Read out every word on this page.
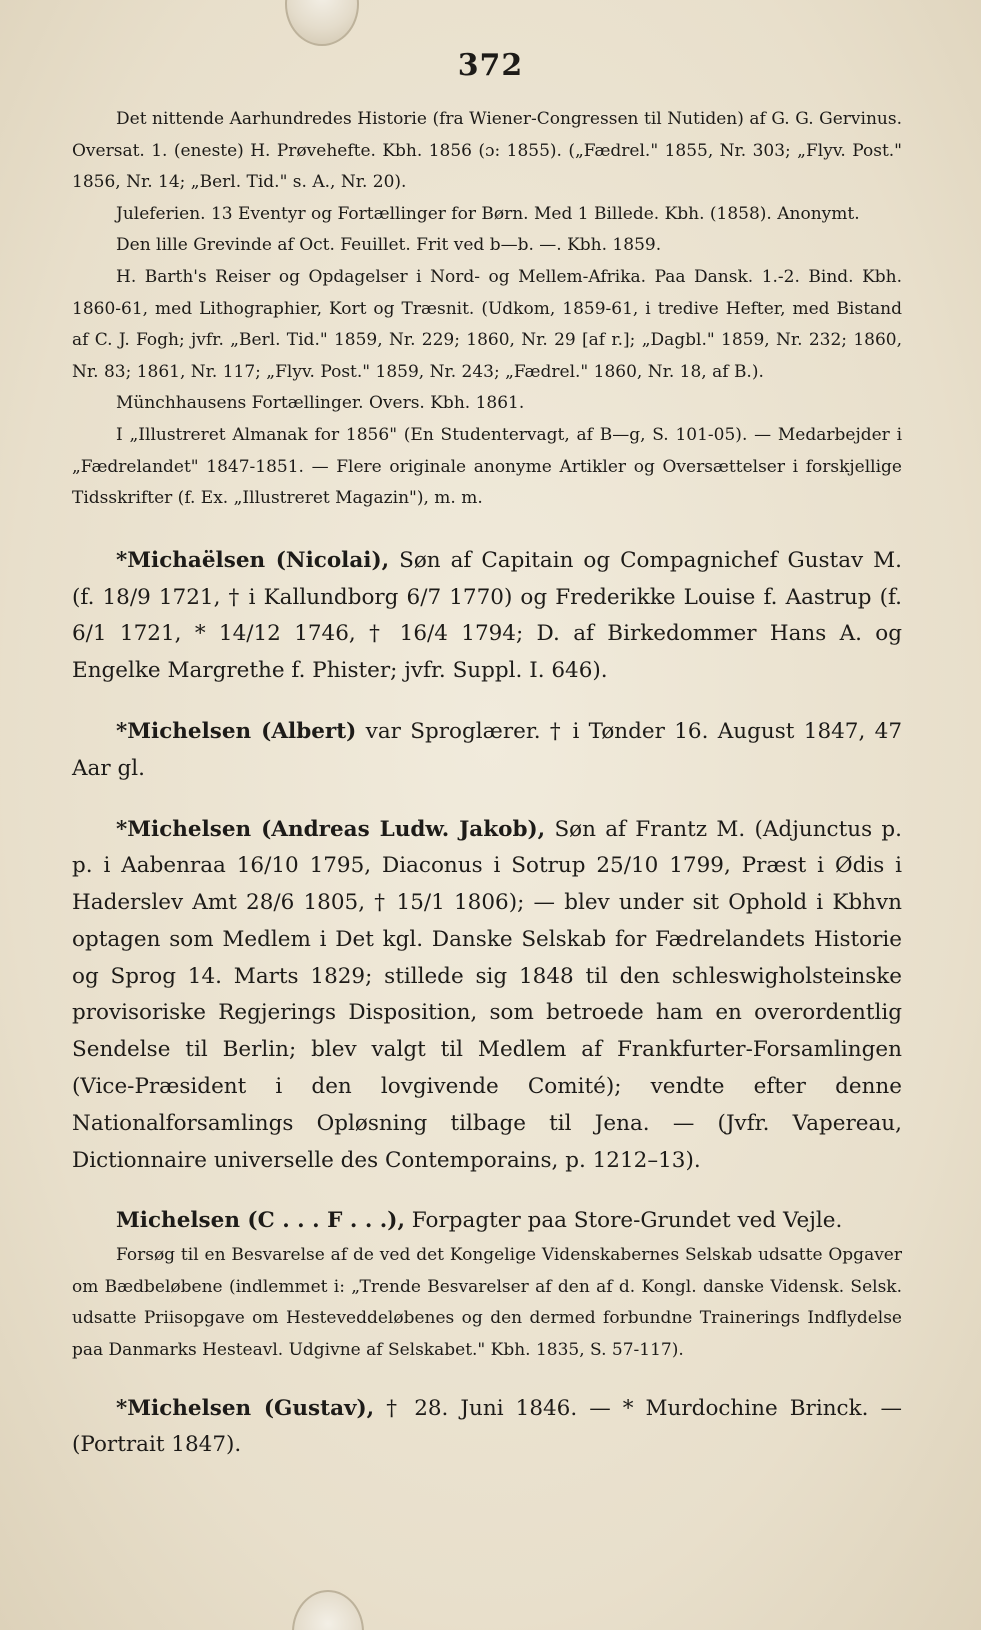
372

Det nittende Aarhundredes Historie (fra Wiener-Congressen til Nutiden) af G. G. Gervinus. Oversat. 1. (eneste) H. Prøvehefte. Kbh. 1856 (ɔ: 1855). („Fædrel." 1855, Nr. 303; „Flyv. Post." 1856, Nr. 14; „Berl. Tid." s. A., Nr. 20).

Juleferien. 13 Eventyr og Fortællinger for Børn. Med 1 Billede. Kbh. (1858). Anonymt.

Den lille Grevinde af Oct. Feuillet. Frit ved b—b. —. Kbh. 1859.

H. Barth's Reiser og Opdagelser i Nord- og Mellem-Afrika. Paa Dansk. 1.-2. Bind. Kbh. 1860-61, med Lithographier, Kort og Træsnit. (Udkom, 1859-61, i tredive Hefter, med Bistand af C. J. Fogh; jvfr. „Berl. Tid." 1859, Nr. 229; 1860, Nr. 29 [af r.]; „Dagbl." 1859, Nr. 232; 1860, Nr. 83; 1861, Nr. 117; „Flyv. Post." 1859, Nr. 243; „Fædrel." 1860, Nr. 18, af B.).

Münchhausens Fortællinger. Overs. Kbh. 1861.

I „Illustreret Almanak for 1856" (En Studentervagt, af B—g, S. 101-05). — Medarbejder i „Fædrelandet" 1847-1851. — Flere originale anonyme Artikler og Oversættelser i forskjellige Tidsskrifter (f. Ex. „Illustreret Magazin"), m. m.

*Michaëlsen (Nicolai), Søn af Capitain og Compagnichef Gustav M. (f. 18/9 1721, † i Kallundborg 6/7 1770) og Frederikke Louise f. Aastrup (f. 6/1 1721, * 14/12 1746, † 16/4 1794; D. af Birkedommer Hans A. og Engelke Margrethe f. Phister; jvfr. Suppl. I. 646).

*Michelsen (Albert) var Sproglærer. † i Tønder 16. August 1847, 47 Aar gl.

*Michelsen (Andreas Ludw. Jakob), Søn af Frantz M. (Adjunctus p. p. i Aabenraa 16/10 1795, Diaconus i Sotrup 25/10 1799, Præst i Ødis i Haderslev Amt 28/6 1805, † 15/1 1806); — blev under sit Ophold i Kbhvn optagen som Medlem i Det kgl. Danske Selskab for Fædrelandets Historie og Sprog 14. Marts 1829; stillede sig 1848 til den schleswigholsteinske provisoriske Regjerings Disposition, som betroede ham en overordentlig Sendelse til Berlin; blev valgt til Medlem af Frankfurter-Forsamlingen (Vice-Præsident i den lovgivende Comité); vendte efter denne Nationalforsamlings Opløsning tilbage til Jena. — (Jvfr. Vapereau, Dictionnaire universelle des Contemporains, p. 1212–13).

Michelsen (C . . . F . . .), Forpagter paa Store-Grundet ved Vejle.

Forsøg til en Besvarelse af de ved det Kongelige Videnskabernes Selskab udsatte Opgaver om Bædbeløbene (indlemmet i: „Trende Besvarelser af den af d. Kongl. danske Vidensk. Selsk. udsatte Priisopgave om Hesteveddeløbenes og den dermed forbundne Trainerings Indflydelse paa Danmarks Hesteavl. Udgivne af Selskabet." Kbh. 1835, S. 57-117).

*Michelsen (Gustav), † 28. Juni 1846. — * Murdochine Brinck. — (Portrait 1847).
